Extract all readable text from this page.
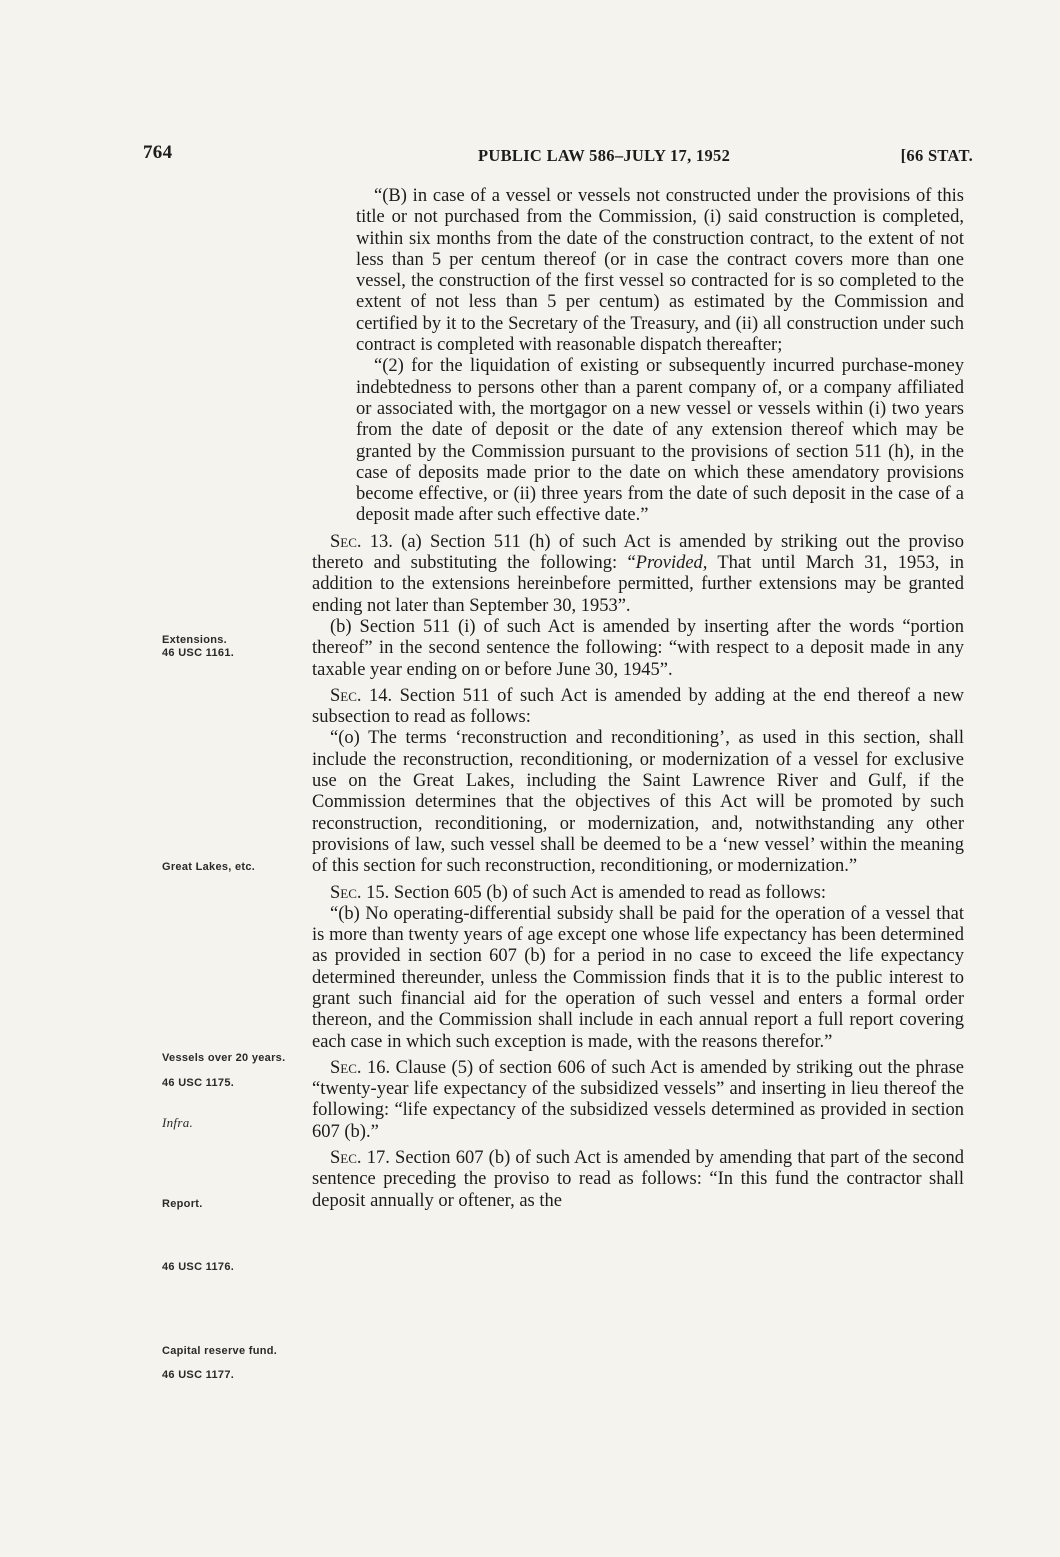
764	PUBLIC LAW 586–JULY 17, 1952	[66 STAT.

“(B) in case of a vessel or vessels not constructed under the provisions of this title or not purchased from the Commission, (i) said construction is completed, within six months from the date of the construction contract, to the extent of not less than 5 per centum thereof (or in case the contract covers more than one vessel, the construction of the first vessel so contracted for is so completed to the extent of not less than 5 per centum) as estimated by the Commission and certified by it to the Secretary of the Treasury, and (ii) all construction under such contract is completed with reasonable dispatch thereafter;

“(2) for the liquidation of existing or subsequently incurred purchase-money indebtedness to persons other than a parent company of, or a company affiliated or associated with, the mortgagor on a new vessel or vessels within (i) two years from the date of deposit or the date of any extension thereof which may be granted by the Commission pursuant to the provisions of section 511 (h), in the case of deposits made prior to the date on which these amendatory provisions become effective, or (ii) three years from the date of such deposit in the case of a deposit made after such effective date.”

Sec. 13. (a) Section 511 (h) of such Act is amended by striking out the proviso thereto and substituting the following: “Provided, That until March 31, 1953, in addition to the extensions hereinbefore permitted, further extensions may be granted ending not later than September 30, 1953”.

(b) Section 511 (i) of such Act is amended by inserting after the words “portion thereof” in the second sentence the following: “with respect to a deposit made in any taxable year ending on or before June 30, 1945”.

Sec. 14. Section 511 of such Act is amended by adding at the end thereof a new subsection to read as follows:

“(o) The terms ‘reconstruction and reconditioning’, as used in this section, shall include the reconstruction, reconditioning, or modernization of a vessel for exclusive use on the Great Lakes, including the Saint Lawrence River and Gulf, if the Commission determines that the objectives of this Act will be promoted by such reconstruction, reconditioning, or modernization, and, notwithstanding any other provisions of law, such vessel shall be deemed to be a ‘new vessel’ within the meaning of this section for such reconstruction, reconditioning, or modernization.”

Sec. 15. Section 605 (b) of such Act is amended to read as follows:

“(b) No operating-differential subsidy shall be paid for the operation of a vessel that is more than twenty years of age except one whose life expectancy has been determined as provided in section 607 (b) for a period in no case to exceed the life expectancy determined thereunder, unless the Commission finds that it is to the public interest to grant such financial aid for the operation of such vessel and enters a formal order thereon, and the Commission shall include in each annual report a full report covering each case in which such exception is made, with the reasons therefor.”

Sec. 16. Clause (5) of section 606 of such Act is amended by striking out the phrase “twenty-year life expectancy of the subsidized vessels” and inserting in lieu thereof the following: “life expectancy of the subsidized vessels determined as provided in section 607 (b).”

Sec. 17. Section 607 (b) of such Act is amended by amending that part of the second sentence preceding the proviso to read as follows: “In this fund the contractor shall deposit annually or oftener, as the

Extensions.
46 USC 1161.
Great Lakes, etc.
Vessels over 20 years.
46 USC 1175.
Infra.
Report.
46 USC 1176.
Capital reserve fund.
46 USC 1177.
